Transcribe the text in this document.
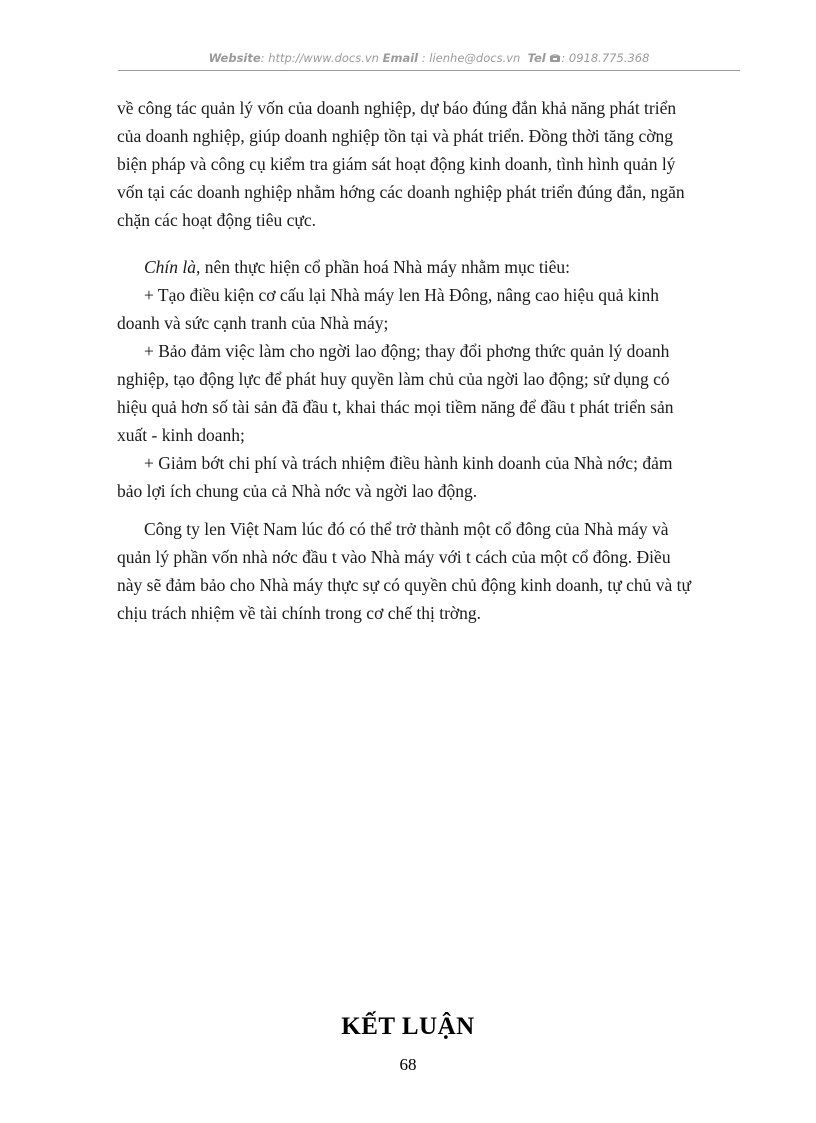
Website: http://www.docs.vn Email : lienhe@docs.vn Tel : 0918.775.368
về công tác quản lý vốn của doanh nghiệp, dự báo đúng đắn khả năng phát triển
của doanh nghiệp, giúp doanh nghiệp tồn tại và phát triển. Đồng thời tăng cờng
biện pháp và công cụ kiểm tra giám sát hoạt động kinh doanh, tình hình quản lý
vốn tại các doanh nghiệp nhằm hớng các doanh nghiệp phát triển đúng đắn, ngăn
chặn các hoạt động tiêu cực.
Chín là, nên thực hiện cổ phần hoá Nhà máy nhằm mục tiêu:
+ Tạo điều kiện cơ cấu lại Nhà máy len Hà Đông, nâng cao hiệu quả kinh
doanh và sức cạnh tranh của Nhà máy;
+ Bảo đảm việc làm cho ngời lao động; thay đổi phơng thức quản lý doanh
nghiệp, tạo động lực để phát huy quyền làm chủ của ngời lao động; sử dụng có
hiệu quả hơn số tài sản đã đầu t, khai thác mọi tiềm năng để đầu t phát triển sản
xuất - kinh doanh;
+ Giảm bớt chi phí và trách nhiệm điều hành kinh doanh của Nhà nớc; đảm
bảo lợi ích chung của cả Nhà nớc và ngời lao động.
Công ty len Việt Nam lúc đó có thể trở thành một cổ đông của Nhà máy và
quản lý phần vốn nhà nớc đầu t vào Nhà máy với t cách của một cổ đông. Điều
này sẽ đảm bảo cho Nhà máy thực sự có quyền chủ động kinh doanh, tự chủ và tự
chịu trách nhiệm về tài chính trong cơ chế thị trờng.
KẾT LUẬN
68
